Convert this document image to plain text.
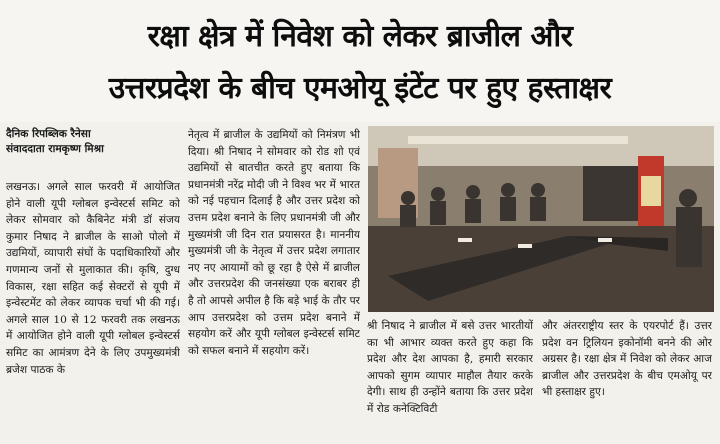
रक्षा क्षेत्र में निवेश को लेकर ब्राजील और
उत्तरप्रदेश के बीच एमओयू इंटेंट पर हुए हस्ताक्षर
दैनिक रिपब्लिक रैनेसा
संवाददाता रामकृष्ण मिश्रा

लखनऊ। अगले साल फरवरी में आयोजित होने वाली यूपी ग्लोबल इन्वेस्टर्स समिट को लेकर सोमवार को कैबिनेट मंत्री डॉ संजय कुमार निषाद ने ब्राजील के साओ पोलो में उद्यमियों, व्यापारी संघों के पदाधिकारियों और गणमान्य जनों से मुलाकात की। कृषि, दुग्ध विकास, रक्षा सहित कई सेक्टरों से यूपी में इन्वेस्टमेंट को लेकर व्यापक चर्चा भी की गई। अगले साल 10 से 12 फरवरी तक लखनऊ में आयोजित होने वाली यूपी ग्लोबल इन्वेस्टर्स समिट का आमंत्रण देने के लिए उपमुख्यमंत्री ब्रजेश पाठक के

नेतृत्व में ब्राजील के उद्यमियों को निमंत्रण भी दिया। श्री निषाद ने सोमवार को रोड शो एवं उद्यमियों से बातचीत करते हुए बताया कि प्रधानमंत्री नरेंद्र मोदी जी ने विश्व भर में भारत को नई पहचान दिलाई है और उत्तर प्रदेश को उत्तम प्रदेश बनाने के लिए प्रधानमंत्री जी और मुख्यमंत्री जी दिन रात प्रयासरत है। माननीय मुख्यमंत्री जी के नेतृत्व में उत्तर प्रदेश लगातार नए नए आयामों को छू रहा है ऐसे में ब्राजील और उत्तरप्रदेश की जनसंख्या एक बराबर ही है तो आपसे अपील है कि बड़े भाई के तौर पर आप उत्तरप्रदेश को उत्तम प्रदेश बनाने में सहयोग करें और यूपी ग्लोबल इन्वेस्टर्स समिट को सफल बनाने में सहयोग करें।

श्री निषाद ने ब्राजील में बसे उत्तर भारतीयों का भी आभार व्यक्त करते हुए कहा कि प्रदेश और देश आपका है, हमारी सरकार आपको सुगम व्यापार माहौल तैयार करके देगी। साथ ही उन्होंने बताया कि उत्तर प्रदेश में रोड कनेक्टिविटी

और अंतरराष्ट्रीय स्तर के एयरपोर्ट हैं। उत्तर प्रदेश वन ट्रिलियन इकोनॉमी बनने की ओर अग्रसर है। रक्षा क्षेत्र में निवेश को लेकर आज ब्राजील और उत्तरप्रदेश के बीच एमओयू पर भी हस्ताक्षर हुए।
